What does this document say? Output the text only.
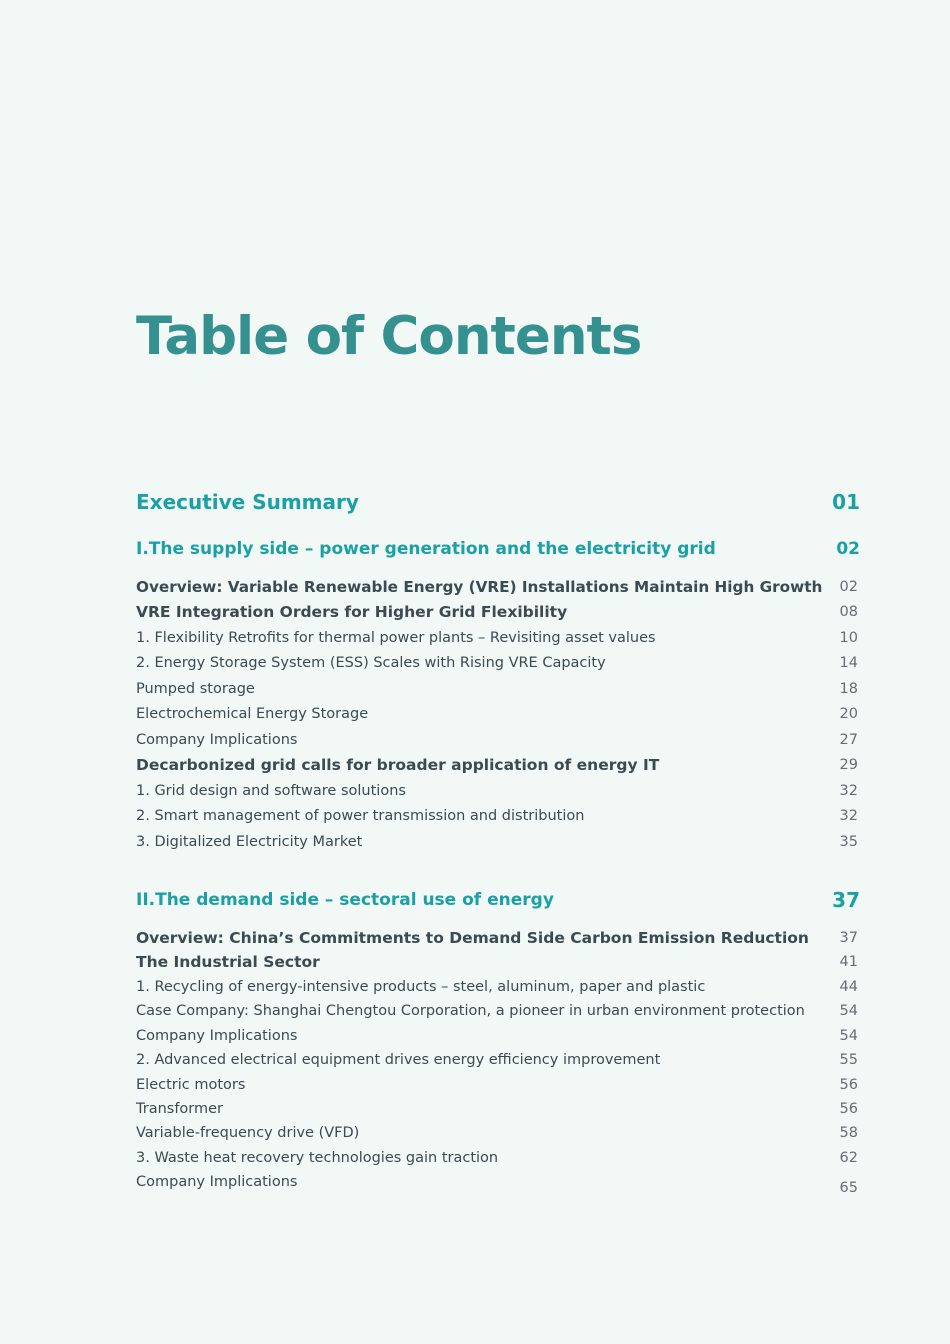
Table of Contents
Executive Summary	01
I.The supply side – power generation and the electricity grid	02
Overview: Variable Renewable Energy (VRE) Installations Maintain High Growth 02
VRE Integration Orders for Higher Grid Flexibility	08
1. Flexibility Retrofits for thermal power plants – Revisiting asset values	10
2. Energy Storage System (ESS) Scales with Rising VRE Capacity	14
Pumped storage	18
Electrochemical Energy Storage	20
Company Implications	27
Decarbonized grid calls for broader application of energy IT	29
1. Grid design and software solutions	32
2. Smart management of power transmission and distribution	32
3. Digitalized Electricity Market	35
II.The demand side – sectoral use of energy	37
Overview: China’s Commitments to Demand Side Carbon Emission Reduction 37
The Industrial Sector	41
1. Recycling of energy-intensive products – steel, aluminum, paper and plastic	44
Case Company: Shanghai Chengtou Corporation, a pioneer in urban environment protection 54
Company Implications	54
2. Advanced electrical equipment drives energy efficiency improvement	55
Electric motors	56
Transformer	56
Variable-frequency drive (VFD)	58
3. Waste heat recovery technologies gain traction	62
Company Implications	65
